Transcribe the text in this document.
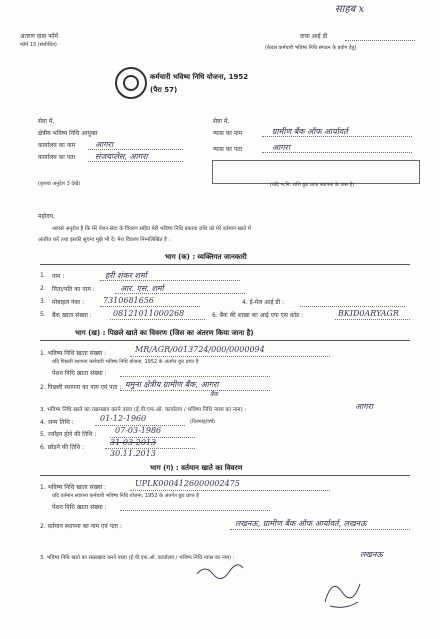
साहब x
अंतरण दावा फॉर्म
फॉर्म 13 (संशोधित)
दावा आई डी
(केवल कर्मचारी भविष्य निधि संगठन के प्रयोग हेतु)
कर्मचारी भविष्य निधि योजना, 1952
(पैरा 57)
सेवा में,
क्षेत्रीय भविष्य निधि आयुक्त
कार्यालय का नाम आगरा
कार्यालय का पता संजयप्लेस, आगरा
(कृपया अनुदेश 3 देखें)
सेवा में,
न्यास का नाम	ग्रामीण बैंक ऑफ आर्यावर्त
न्यास का पता	आगरा
(यदि भ.नि. राशि छूट प्राप्त स्थापना के पास है)
महोदय,
आपसे अनुरोध है कि मेरे पेंशन सेवा के विवरण सहित मेरी भविष्य निधि बकाया राशि को मेरे वर्तमान खाते में
अंतरित करें तथा इसकी सूचना मुझे भी दें। मेरा विवरण निम्नलिखित है :
भाग (क) : व्यक्तिगत जानकारी
1. नाम :	हरी शंकर शर्मा
2. पिता/पति का नाम :	आर. एस. शर्मा
3. मोबाइल नंबर : 7310681656	4. ई-मेल आई डी :
5. बैंक खाता संख्या :	08121011000268	6. बैंक की शाखा का आई एफ एस कोड :	BKID0ARYAGR
भाग (ख) : पिछले खाते का विवरण (जिस का अंतरण किया जाना है)
1. भविष्य निधि खाता संख्या :	MR/AGR/0013724/000/0000094
यदि पिछली स्थापना कर्मचारी भविष्य निधि योजना, 1952 के अंतर्गत छूट प्राप्त है
पेंशन निधि खाता संख्या :
2. पिछली स्थापना का नाम एवं पता : यमुना क्षेत्रीय ग्रामीण बैंक, आगरा
बैंक
3. भविष्य निधि खाते का रखरखाव करने वाला (ई.पी.एफ.ओ. कार्यालय / भविष्य निधि न्यास का नाम) :	आगरा
4. जन्म तिथि :	01-12-1960	(दिनमाह/वर्ष)
5. ज्वॉइन होने की तिथि : 07-03-1986
6. छोड़ने की तिथि :
31-03-2013
30.11.2013
भाग (ग) : वर्तमान खाते का विवरण
1. भविष्य निधि खाता संख्या :	UPLK0004126000002475
यदि वर्तमान स्थापना कर्मचारी भविष्य निधि योजना, 1952 के अंतर्गत छूट प्राप्त है
पेंशन निधि खाता संख्या :
2. वर्तमान स्थापना का नाम एवं पता :	लखनऊ, ग्रामीण बैंक ऑफ आर्यावर्त, लखनऊ
3. भविष्य निधि खाते का रखरखाव करने वाला (ई.पी.एफ.ओ. कार्यालय / भविष्य निधि न्यास का नाम) :	लखनऊ
